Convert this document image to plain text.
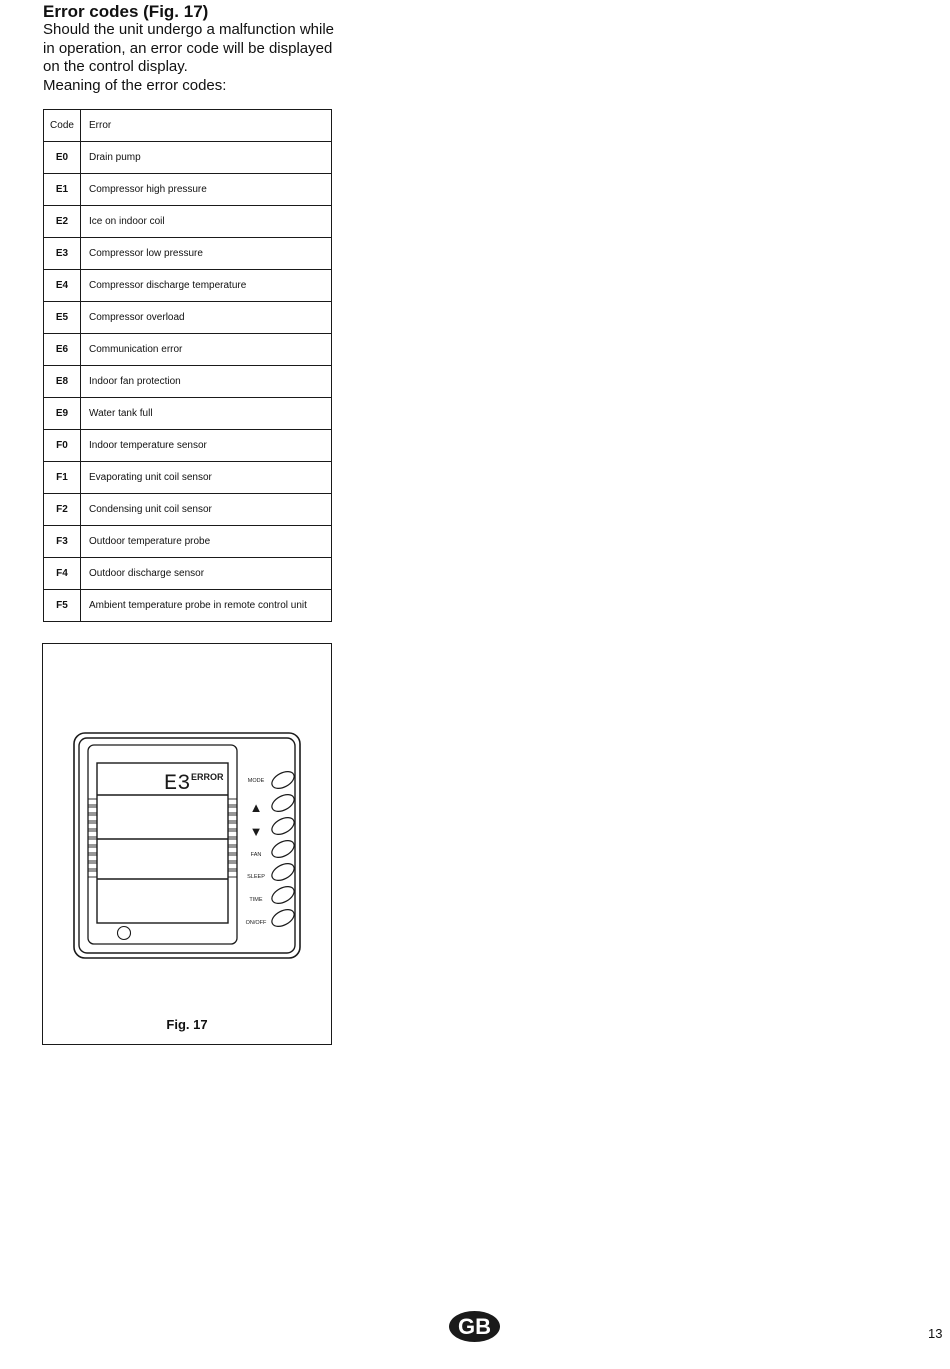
Error codes (Fig. 17)

Should the unit undergo a malfunction while in operation, an error code will be displayed on the control display.

Meaning of the error codes:

Code	Error
E0	Drain pump
E1	Compressor high pressure
E2	Ice on indoor coil
E3	Compressor low pressure
E4	Compressor discharge temperature
E5	Compressor overload
E6	Communication error
E8	Indoor fan protection
E9	Water tank full
F0	Indoor temperature sensor
F1	Evaporating unit coil sensor
F2	Condensing unit coil sensor
F3	Outdoor temperature probe
F4	Outdoor discharge sensor
F5	Ambient temperature probe in remote control unit
E3 ERROR	MODE
▲
▼
FAN
SLEEP
TIME
ON/OFF
Fig. 17
GB	13
